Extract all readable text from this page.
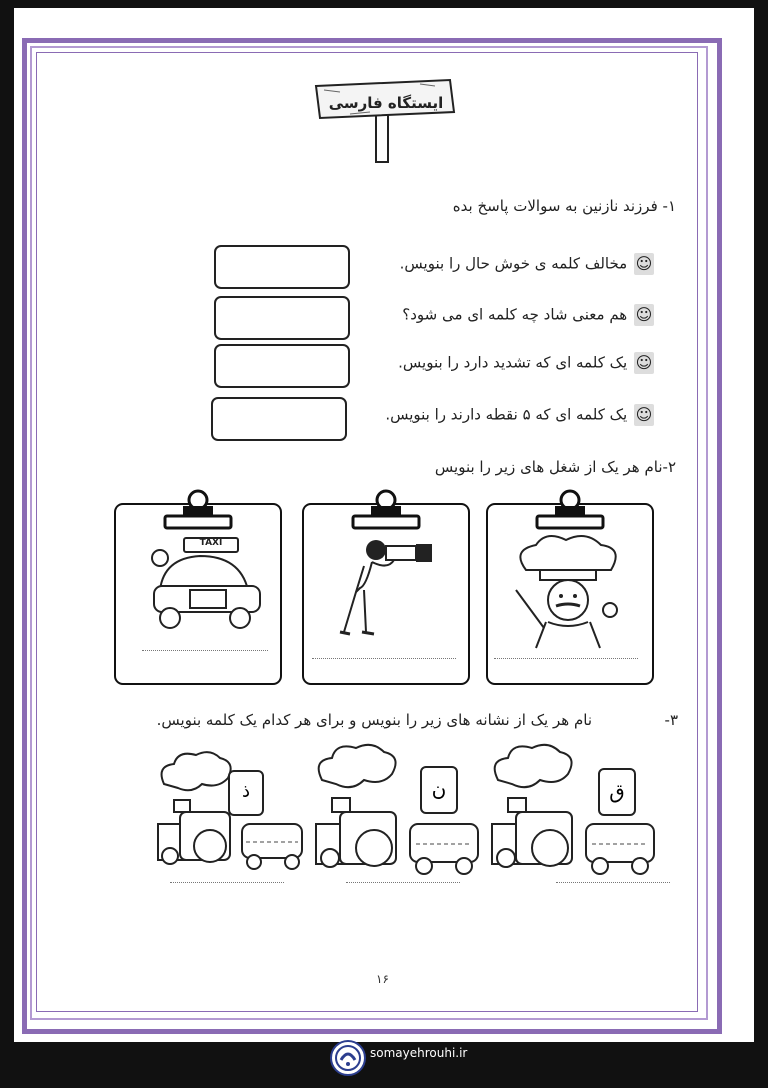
ایستگاه فارسی
۱- فرزند نازنین به سوالات پاسخ بده
☺ مخالف کلمه ی خوش حال را بنویس.
☺ هم معنی شاد چه کلمه ای می شود؟
☺ یک کلمه ای که تشدید دارد را بنویس.
☺ یک کلمه ای که ۵ نقطه دارند را بنویس.
۲-نام هر یک از شغل های زیر را بنویس
TAXI
۳-
نام هر یک از نشانه های زیر را بنویس و برای هر کدام یک کلمه بنویس.
ق
ن
ذ
۱۶
somayehrouhi.ir
